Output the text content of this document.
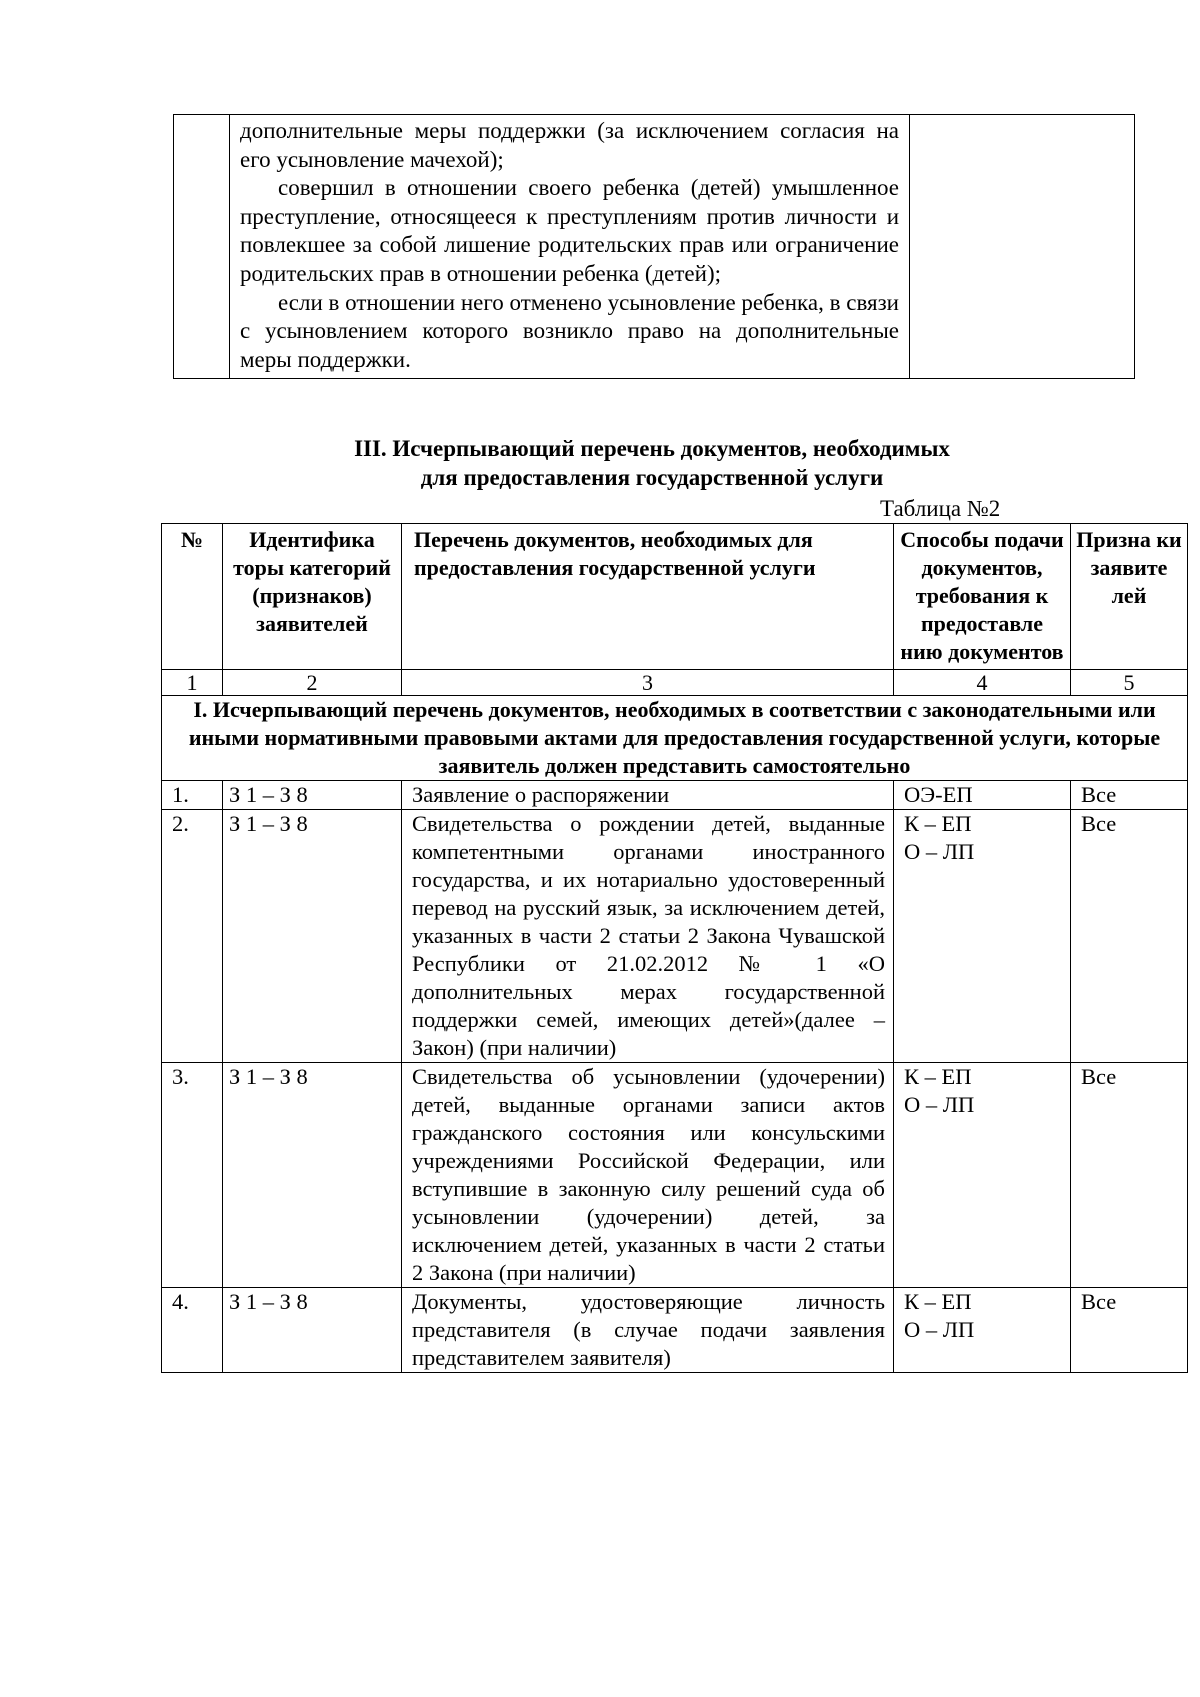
дополнительные меры поддержки (за исключением согласия на его усыновление мачехой);

совершил в отношении своего ребенка (детей) умышленное преступление, относящееся к преступлениям против личности и повлекшее за собой лишение родительских прав или ограничение родительских прав в отношении ребенка (детей);

если в отношении него отменено усыновление ребенка, в связи с усыновлением которого возникло право на дополнительные меры поддержки.

III. Исчерпывающий перечень документов, необходимых
для предоставления государственной услуги
Таблица №2
№	Идентифика торы категорий (признаков) заявителей	Перечень документов, необходимых для предоставления государственной услуги	Способы подачи документов, требования к предоставле нию документов	Призна ки заявите лей
1	2	3	4	5
I. Исчерпывающий перечень документов, необходимых в соответствии с законодательными или иными нормативными правовыми актами для предоставления государственной услуги, которые заявитель должен представить самостоятельно				
1.	З 1 – З 8	Заявление о распоряжении	ОЭ-ЕП	Все
2.	З 1 – З 8	Свидетельства о рождении детей, выданные компетентными органами иностранного государства, и их нотариально удостоверенный перевод на русский язык, за исключением детей, указанных в части 2 статьи 2 Закона Чувашской Республики от 21.02.2012 № 1 «О дополнительных мерах государственной поддержки семей, имеющих детей»(далее – Закон) (при наличии)	К – ЕП
О – ЛП	Все
3.	З 1 – З 8	Свидетельства об усыновлении (удочерении) детей, выданные органами записи актов гражданского состояния или консульскими учреждениями Российской Федерации, или вступившие в законную силу решений суда об усыновлении (удочерении) детей, за исключением детей, указанных в части 2 статьи 2 Закона (при наличии)	К – ЕП
О – ЛП	Все
4.	З 1 – З 8	Документы, удостоверяющие личность представителя (в случае подачи заявления представителем заявителя)	К – ЕП
О – ЛП	Все
